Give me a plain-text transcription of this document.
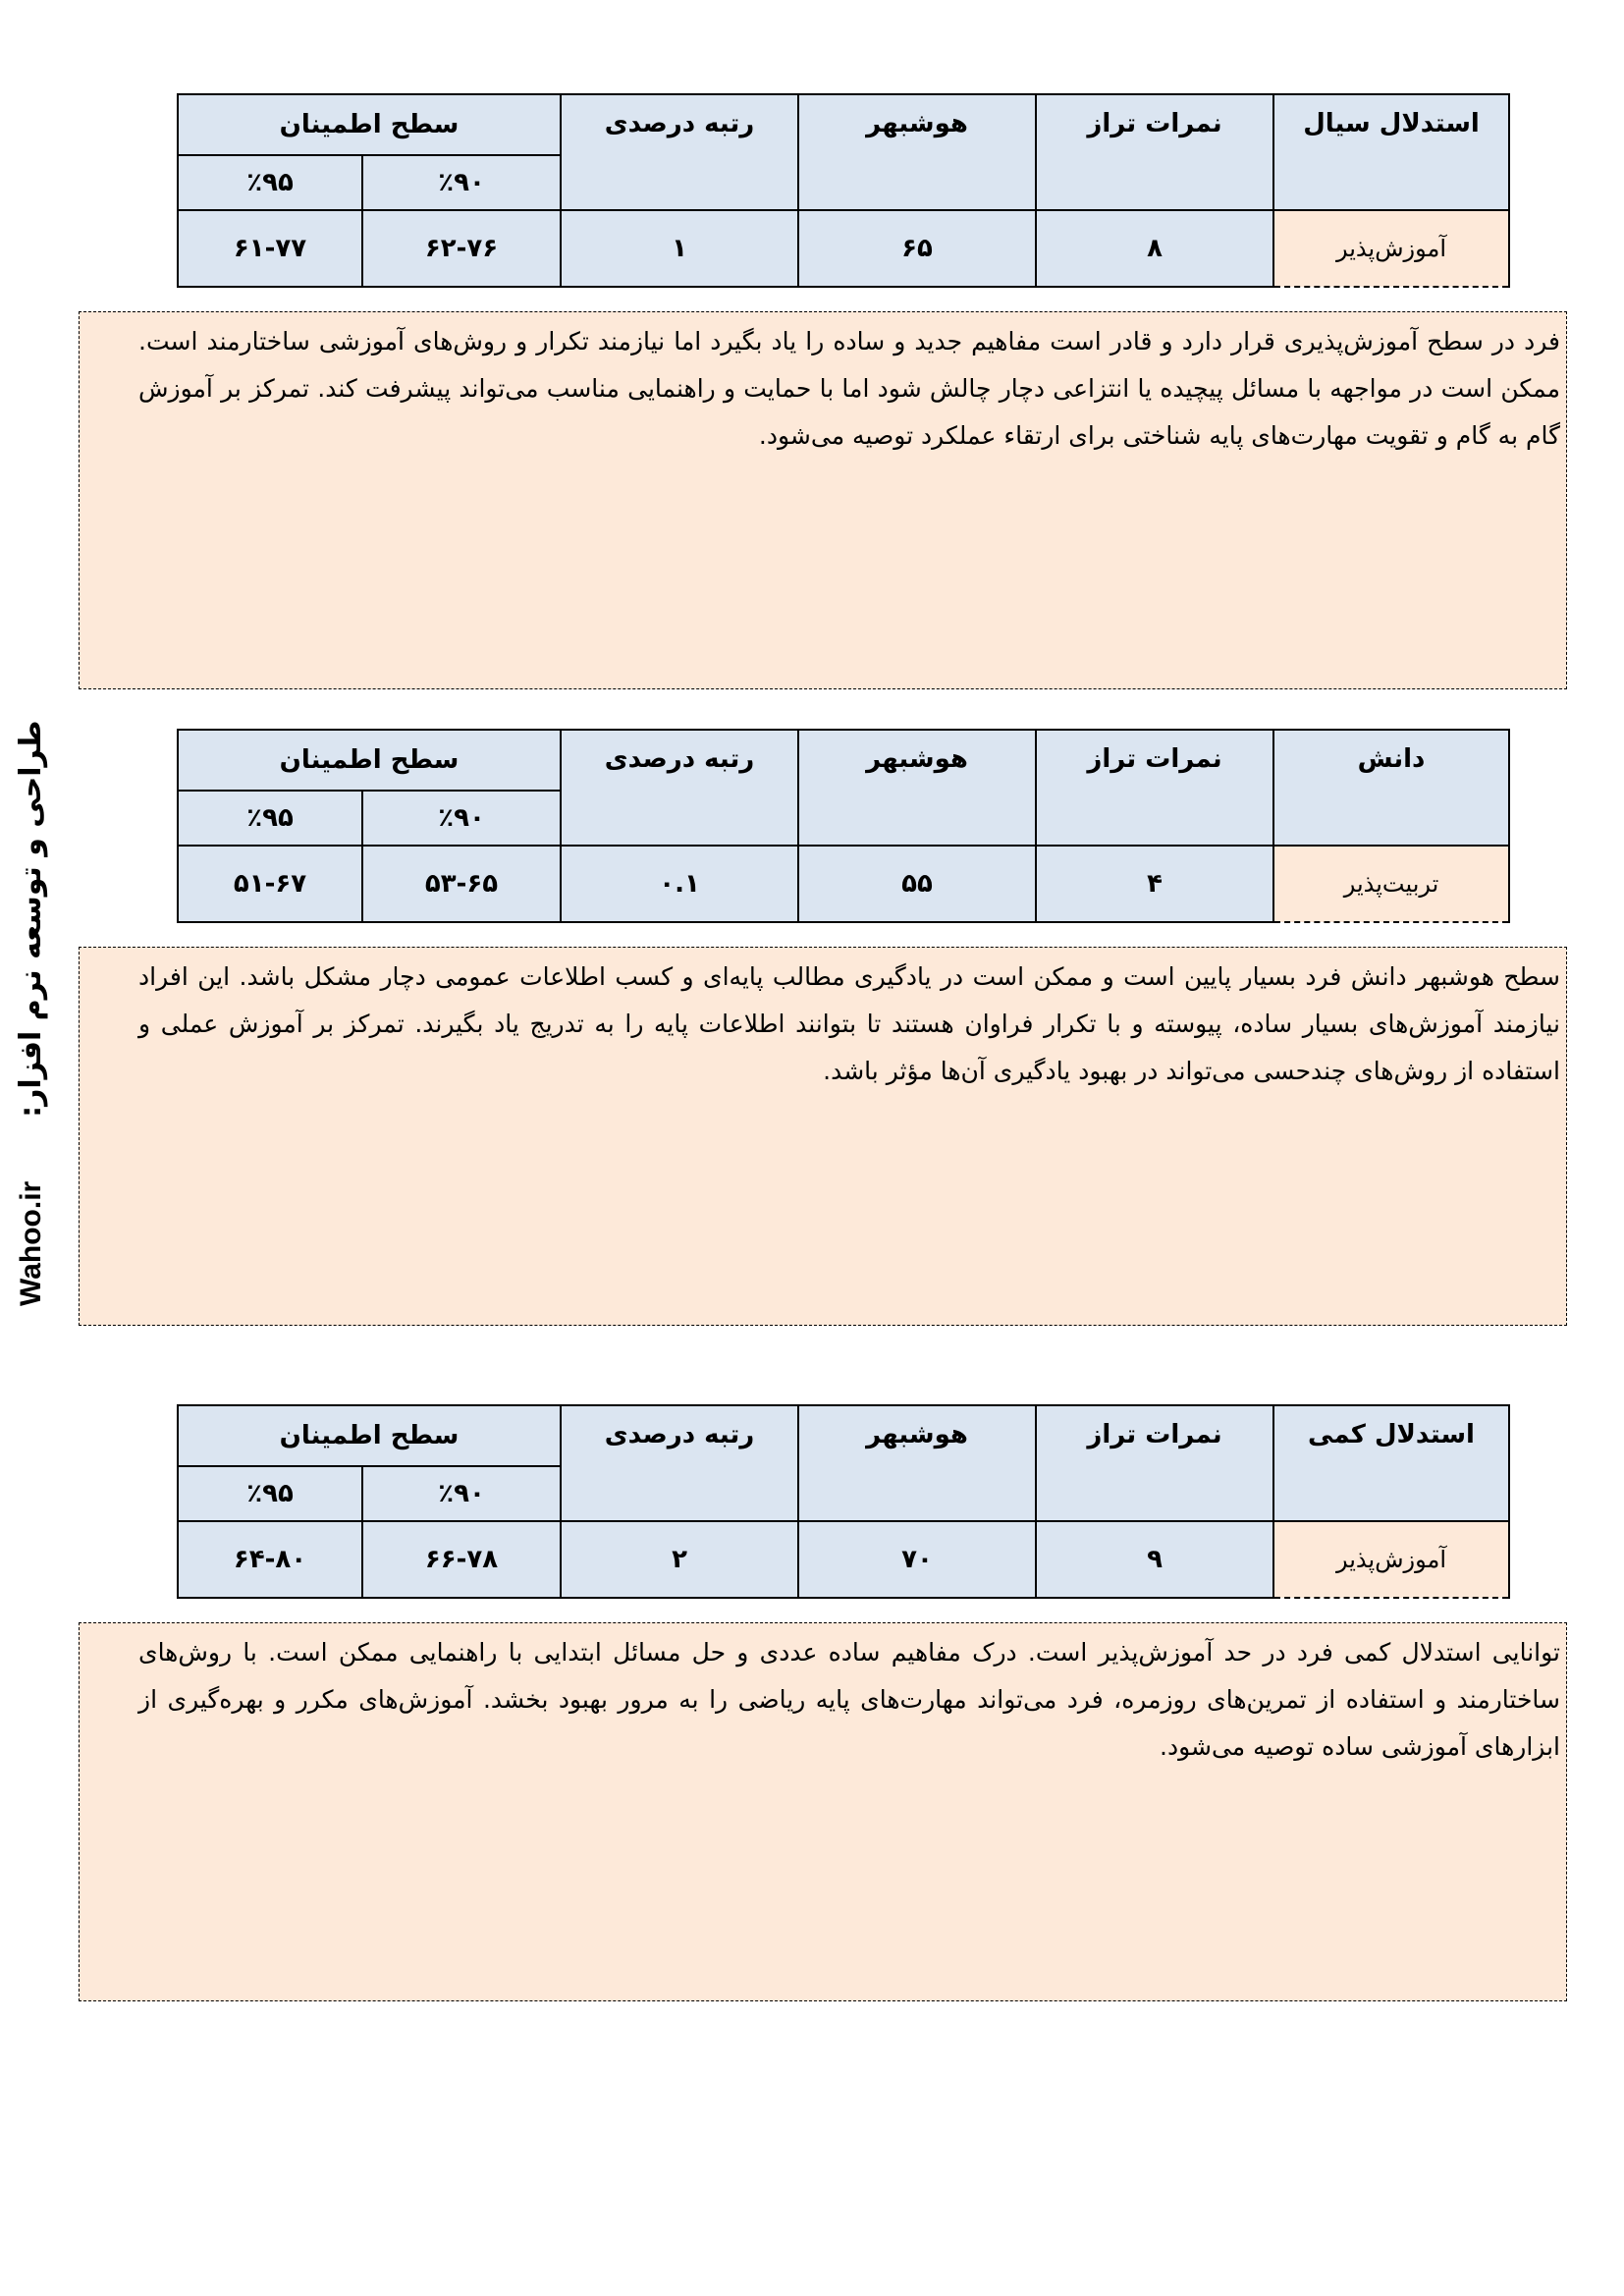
استدلال سیال	نمرات تراز	هوشبهر	رتبه درصدی	سطح اطمینان	
				٪۹۰	٪۹۵
آموزش‌پذیر	۸	۶۵	۱	۶۲-۷۶	۶۱-۷۷
فرد در سطح آموزش‌پذیری قرار دارد و قادر است مفاهیم جدید و ساده را یاد بگیرد اما نیازمند تکرار و روش‌های آموزشی ساختارمند است. ممکن است در مواجهه با مسائل پیچیده یا انتزاعی دچار چالش شود اما با حمایت و راهنمایی مناسب می‌تواند پیشرفت کند. تمرکز بر آموزش گام به گام و تقویت مهارت‌های پایه شناختی برای ارتقاء عملکرد توصیه می‌شود.
دانش	نمرات تراز	هوشبهر	رتبه درصدی	سطح اطمینان	
				٪۹۰	٪۹۵
تربیت‌پذیر	۴	۵۵	۰.۱	۵۳-۶۵	۵۱-۶۷
سطح هوشبهر دانش فرد بسیار پایین است و ممکن است در یادگیری مطالب پایه‌ای و کسب اطلاعات عمومی دچار مشکل باشد. این افراد نیازمند آموزش‌های بسیار ساده، پیوسته و با تکرار فراوان هستند تا بتوانند اطلاعات پایه را به تدریج یاد بگیرند. تمرکز بر آموزش عملی و استفاده از روش‌های چندحسی می‌تواند در بهبود یادگیری آن‌ها مؤثر باشد.
استدلال کمی	نمرات تراز	هوشبهر	رتبه درصدی	سطح اطمینان	
				٪۹۰	٪۹۵
آموزش‌پذیر	۹	۷۰	۲	۶۶-۷۸	۶۴-۸۰
توانایی استدلال کمی فرد در حد آموزش‌پذیر است. درک مفاهیم ساده عددی و حل مسائل ابتدایی با راهنمایی ممکن است. با روش‌های ساختارمند و استفاده از تمرین‌های روزمره، فرد می‌تواند مهارت‌های پایه ریاضی را به مرور بهبود بخشد. آموزش‌های مکرر و بهره‌گیری از ابزارهای آموزشی ساده توصیه می‌شود.
Wahoo.ir  طراحی و توسعه نرم افزار:
